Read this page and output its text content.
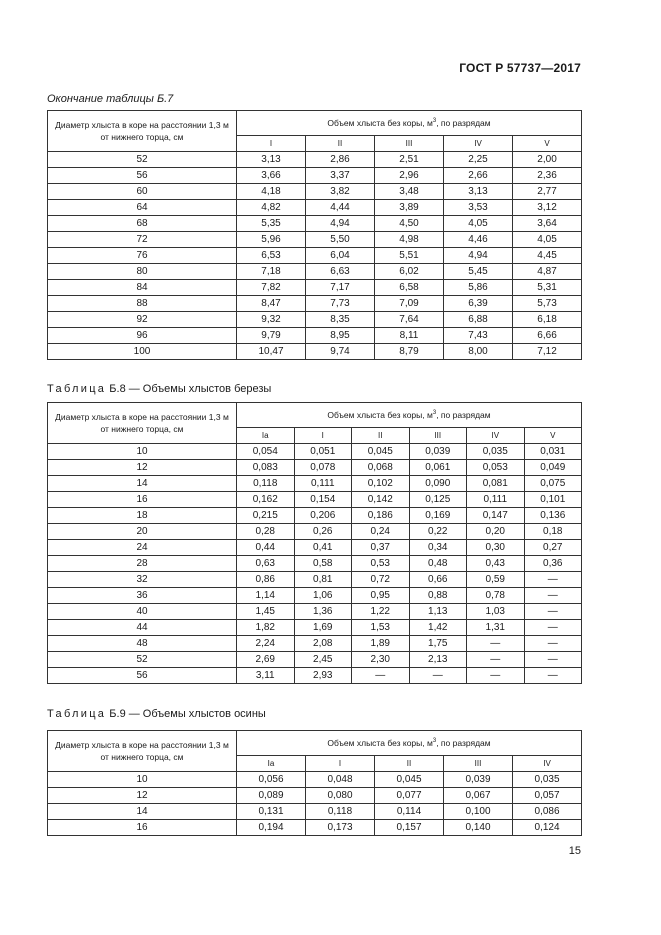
ГОСТ Р 57737—2017
Окончание таблицы Б.7
Диаметр хлыста в коре на расстоянии 1,3 м от нижнего торца, см	Объем хлыста без коры, $м^3$, по разрядам				
	I	II	III	IV	V
52	3,13	2,86	2,51	2,25	2,00
56	3,66	3,37	2,96	2,66	2,36
60	4,18	3,82	3,48	3,13	2,77
64	4,82	4,44	3,89	3,53	3,12
68	5,35	4,94	4,50	4,05	3,64
72	5,96	5,50	4,98	4,46	4,05
76	6,53	6,04	5,51	4,94	4,45
80	7,18	6,63	6,02	5,45	4,87
84	7,82	7,17	6,58	5,86	5,31
88	8,47	7,73	7,09	6,39	5,73
92	9,32	8,35	7,64	6,88	6,18
96	9,79	8,95	8,11	7,43	6,66
100	10,47	9,74	8,79	8,00	7,12
Таблица Б.8 — Объемы хлыстов березы
Диаметр хлыста в коре на расстоянии 1,3 м от нижнего торца, см	Объем хлыста без коры, $м^3$, по разрядам					
	Ia	I	II	III	IV	V
10	0,054	0,051	0,045	0,039	0,035	0,031
12	0,083	0,078	0,068	0,061	0,053	0,049
14	0,118	0,111	0,102	0,090	0,081	0,075
16	0,162	0,154	0,142	0,125	0,111	0,101
18	0,215	0,206	0,186	0,169	0,147	0,136
20	0,28	0,26	0,24	0,22	0,20	0,18
24	0,44	0,41	0,37	0,34	0,30	0,27
28	0,63	0,58	0,53	0,48	0,43	0,36
32	0,86	0,81	0,72	0,66	0,59	—
36	1,14	1,06	0,95	0,88	0,78	—
40	1,45	1,36	1,22	1,13	1,03	—
44	1,82	1,69	1,53	1,42	1,31	—
48	2,24	2,08	1,89	1,75	—	—
52	2,69	2,45	2,30	2,13	—	—
56	3,11	2,93	—	—	—	—
Таблица Б.9 — Объемы хлыстов осины
Диаметр хлыста в коре на расстоянии 1,3 м от нижнего торца, см	Объем хлыста без коры, $м^3$, по разрядам				
	Ia	I	II	III	IV
10	0,056	0,048	0,045	0,039	0,035
12	0,089	0,080	0,077	0,067	0,057
14	0,131	0,118	0,114	0,100	0,086
16	0,194	0,173	0,157	0,140	0,124
15
